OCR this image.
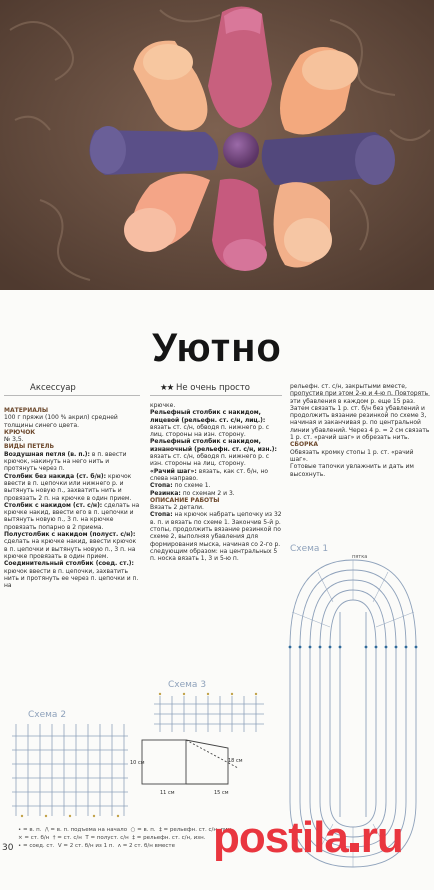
Уютно
Аксессуар	★★ Не очень просто

МАТЕРИАЛЫ

100 г пряжи (100 % акрил) средней толщины синего цвета.

КРЮЧОК

№ 3,5.

ВИДЫ ПЕТЕЛЬ

Воздушная петля (в. п.): в п. ввести крючок, накинуть на него нить и протянуть через п.

Столбик без накида (ст. б/н): крючок ввести в п. цепочки или нижнего р. и вытянуть новую п., захватить нить и провязать 2 п. на крючке в один прием.

Столбик с накидом (ст. с/н): сделать на крючке накид, ввести его в п. цепочки и вытянуть новую п., 3 п. на крючке провязать попарно в 2 приема.

Полустолбик с накидом (полуст. с/н): сделать на крючке накид, ввести крючок в п. цепочки и вытянуть новую п., 3 п. на крючке провязать в один прием.

Соединительный столбик (соед. ст.): крючок ввести в п. цепочки, захватить нить и протянуть ее через п. цепочки и п. на

крючке.

Рельефный столбик с накидом, лицевой (рельефн. ст. с/н, лиц.): вязать ст. с/н, обводя п. нижнего р. с лиц. стороны на изн. сторону.

Рельефный столбик с накидом, изнаночный (рельефн. ст. с/н, изн.): вязать ст. с/н, обводя п. нижнего р. с изн. стороны на лиц. сторону.

«Рачий шаг»: вязать, как ст. б/н, но слева направо.

Стопа: по схеме 1.

Резинка: по схемам 2 и 3.

ОПИСАНИЕ РАБОТЫ

Вязать 2 детали.

Стопа: на крючок набрать цепочку из 32 в. п. и вязать по схеме 1. Закончив 5-й р. стопы, продолжить вязание резинкой по схеме 2, выполняя убавления для формирования мыска, начиная со 2-го р. следующим образом: на центральных 5 п. носка вязать 1, 3 и 5-ю п.

рельефн. ст. с/н, закрытыми вместе, пропустив при этом 2-ю и 4-ю п. Повторять эти убавления в каждом р. еще 15 раз. Затем связать 1 р. ст. б/н без убавлений и продолжить вязание резинкой по схеме 3, начиная и заканчивая р. по центральной линии убавлений. Через 4 р. = 2 см связать 1 р. ст. «рачий шаг» и обрезать нить.

СБОРКА

Обвязать кромку стопы 1 р. ст. «рачий шаг».

Готовые тапочки увлажнить и дать им высохнуть.

Схема 1
пятка
Схема 3
Схема 2
10 см
11 см	15 см
18 см
• = в. п. /\ = в. п. подъема на начало ○ = в. п. ‡ = рельефн. ст. с/н, лиц.
× = ст. б/н † = ст. с/н T = полуст. с/н ‡ = рельефн. ст. с/н, изн.
• = соед. ст. V = 2 ст. б/н из 1 п. ʌ = 2 ст. б/н вместе
30	postila ru
